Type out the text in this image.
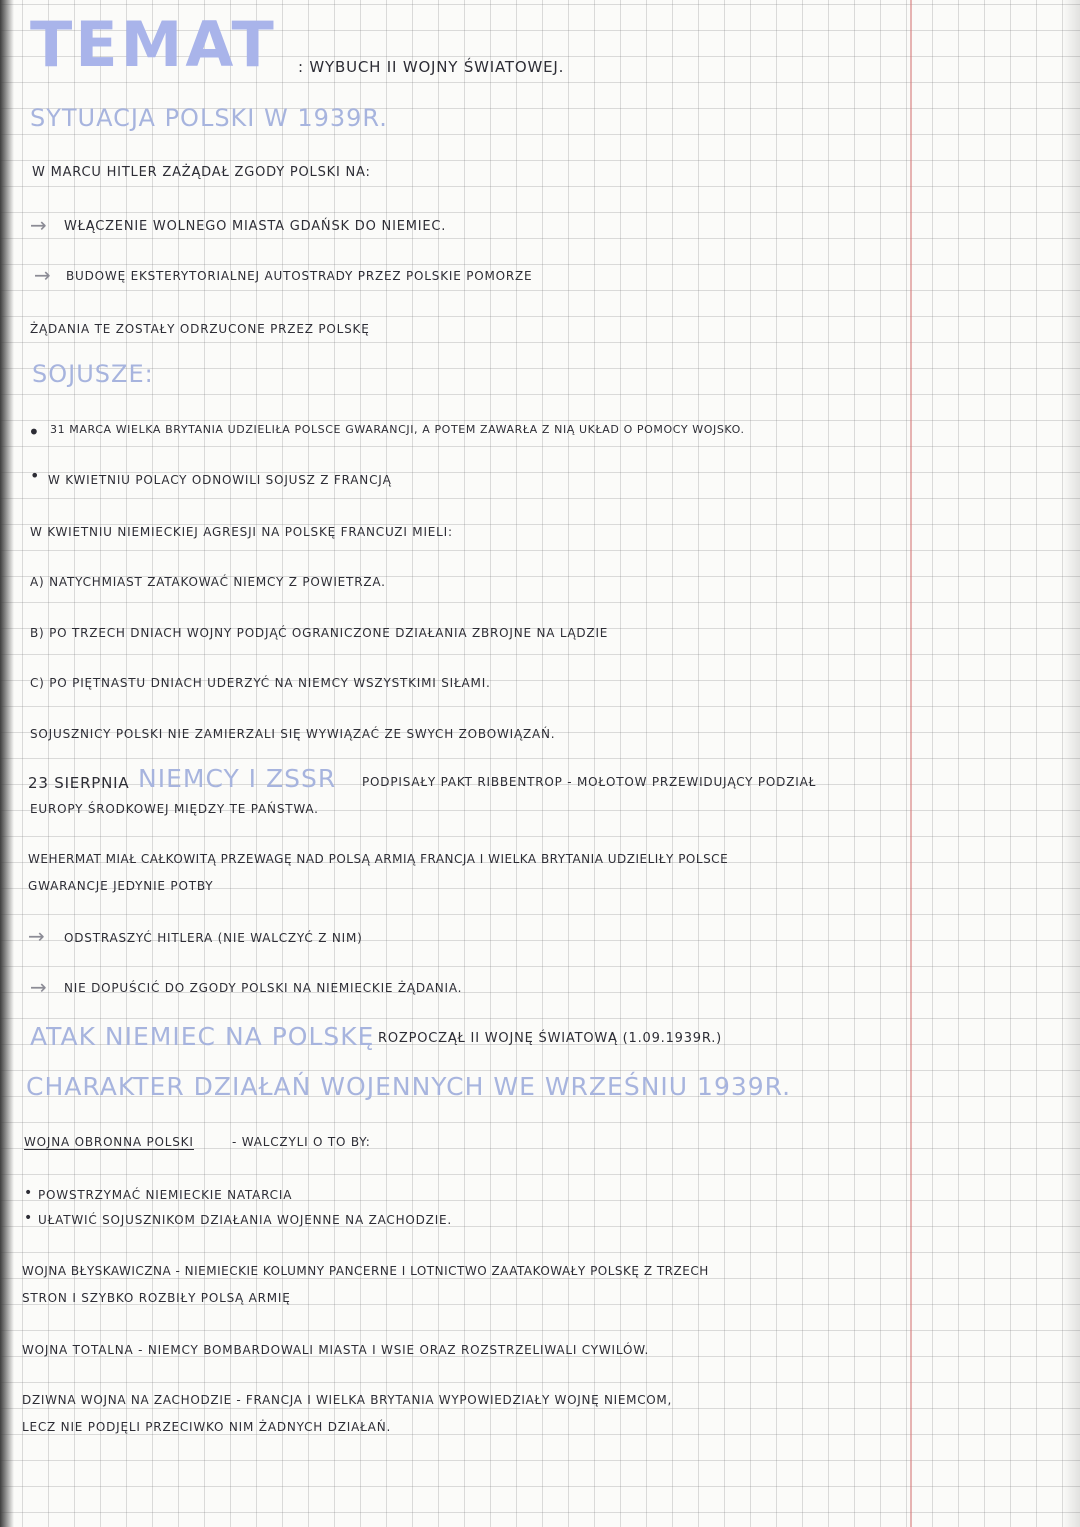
TEMAT : WYBUCH II WOJNY ŚWIATOWEJ.
SYTUACJA POLSKI W 1939R.
W MARCU HITLER ZAŻĄDAŁ ZGODY POLSKI NA:
→ WŁĄCZENIE WOLNEGO MIASTA GDAŃSK DO NIEMIEC.
→ BUDOWĘ EKSTERYTORIALNEJ AUTOSTRADY PRZEZ POLSKIE POMORZE
ŻĄDANIA TE ZOSTAŁY ODRZUCONE PRZEZ POLSKĘ
SOJUSZE:
• 31 MARCA WIELKA BRYTANIA UDZIELIŁA POLSCE GWARANCJI, A POTEM ZAWARŁA Z NIĄ UKŁAD O POMOCY WOJSKO.
• W KWIETNIU POLACY ODNOWILI SOJUSZ Z FRANCJĄ
W KWIETNIU NIEMIECKIEJ AGRESJI NA POLSKĘ FRANCUZI MIELI:
A) NATYCHMIAST ZATAKOWAĆ NIEMCY Z POWIETRZA.
B) PO TRZECH DNIACH WOJNY PODJĄĆ OGRANICZONE DZIAŁANIA ZBROJNE NA LĄDZIE
C) PO PIĘTNASTU DNIACH UDERZYĆ NA NIEMCY WSZYSTKIMI SIŁAMI.
SOJUSZNICY POLSKI NIE ZAMIERZALI SIĘ WYWIĄZAĆ ZE SWYCH ZOBOWIĄZAŃ.
23 SIERPNIA NIEMCY I ZSSR PODPISAŁY PAKT RIBBENTROP - MOŁOTOW PRZEWIDUJĄCY PODZIAŁ
EUROPY ŚRODKOWEJ MIĘDZY TE PAŃSTWA.
WEHERMAT MIAŁ CAŁKOWITĄ PRZEWAGĘ NAD POLSĄ ARMIĄ FRANCJA I WIELKA BRYTANIA UDZIELIŁY POLSCE
GWARANCJE JEDYNIE POTBY
→ ODSTRASZYĆ HITLERA (NIE WALCZYĆ Z NIM)
→ NIE DOPUŚCIĆ DO ZGODY POLSKI NA NIEMIECKIE ŻĄDANIA.
ATAK NIEMIEC NA POLSKĘ ROZPOCZĄŁ II WOJNĘ ŚWIATOWĄ (1.09.1939R.)
CHARAKTER DZIAŁAŃ WOJENNYCH WE WRZEŚNIU 1939R.
WOJNA OBRONNA POLSKI	- WALCZYLI O TO BY:
• POWSTRZYMAĆ NIEMIECKIE NATARCIA
• UŁATWIĆ SOJUSZNIKOM DZIAŁANIA WOJENNE NA ZACHODZIE.
WOJNA BŁYSKAWICZNA - NIEMIECKIE KOLUMNY PANCERNE I LOTNICTWO ZAATAKOWAŁY POLSKĘ Z TRZECH
STRON I SZYBKO ROZBIŁY POLSĄ ARMIĘ
WOJNA TOTALNA - NIEMCY BOMBARDOWALI MIASTA I WSIE ORAZ ROZSTRZELIWALI CYWILÓW.
DZIWNA WOJNA NA ZACHODZIE - FRANCJA I WIELKA BRYTANIA WYPOWIEDZIAŁY WOJNĘ NIEMCOM,
LECZ NIE PODJĘLI PRZECIWKO NIM ŻADNYCH DZIAŁAŃ.
